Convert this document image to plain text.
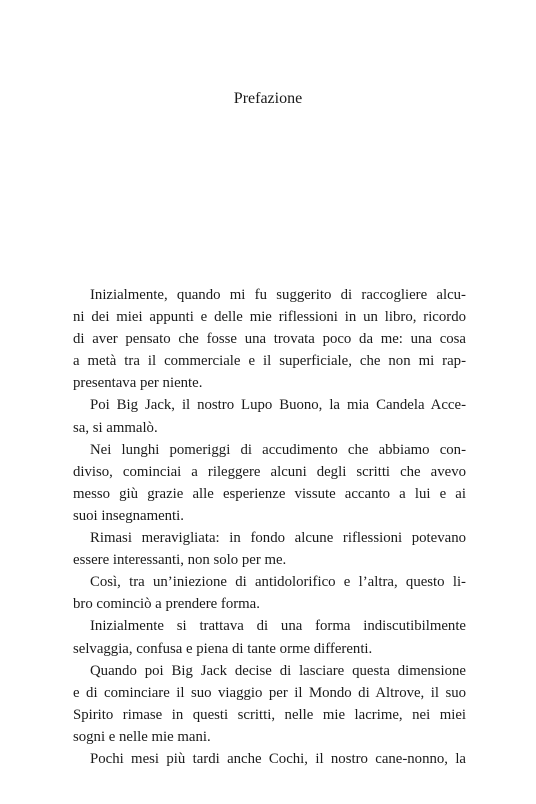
Prefazione
Inizialmente, quando mi fu suggerito di raccogliere alcu-
ni dei miei appunti e delle mie riflessioni in un libro, ricordo
di aver pensato che fosse una trovata poco da me: una cosa
a metà tra il commerciale e il superficiale, che non mi rap-
presentava per niente.
Poi Big Jack, il nostro Lupo Buono, la mia Candela Acce-
sa, si ammalò.
Nei lunghi pomeriggi di accudimento che abbiamo con-
diviso, cominciai a rileggere alcuni degli scritti che avevo
messo giù grazie alle esperienze vissute accanto a lui e ai
suoi insegnamenti.
Rimasi meravigliata: in fondo alcune riflessioni potevano
essere interessanti, non solo per me.
Così, tra un’iniezione di antidolorifico e l’altra, questo li-
bro cominciò a prendere forma.
Inizialmente si trattava di una forma indiscutibilmente
selvaggia, confusa e piena di tante orme differenti.
Quando poi Big Jack decise di lasciare questa dimensione
e di cominciare il suo viaggio per il Mondo di Altrove, il suo
Spirito rimase in questi scritti, nelle mie lacrime, nei miei
sogni e nelle mie mani.
Pochi mesi più tardi anche Cochi, il nostro cane-nonno, la
